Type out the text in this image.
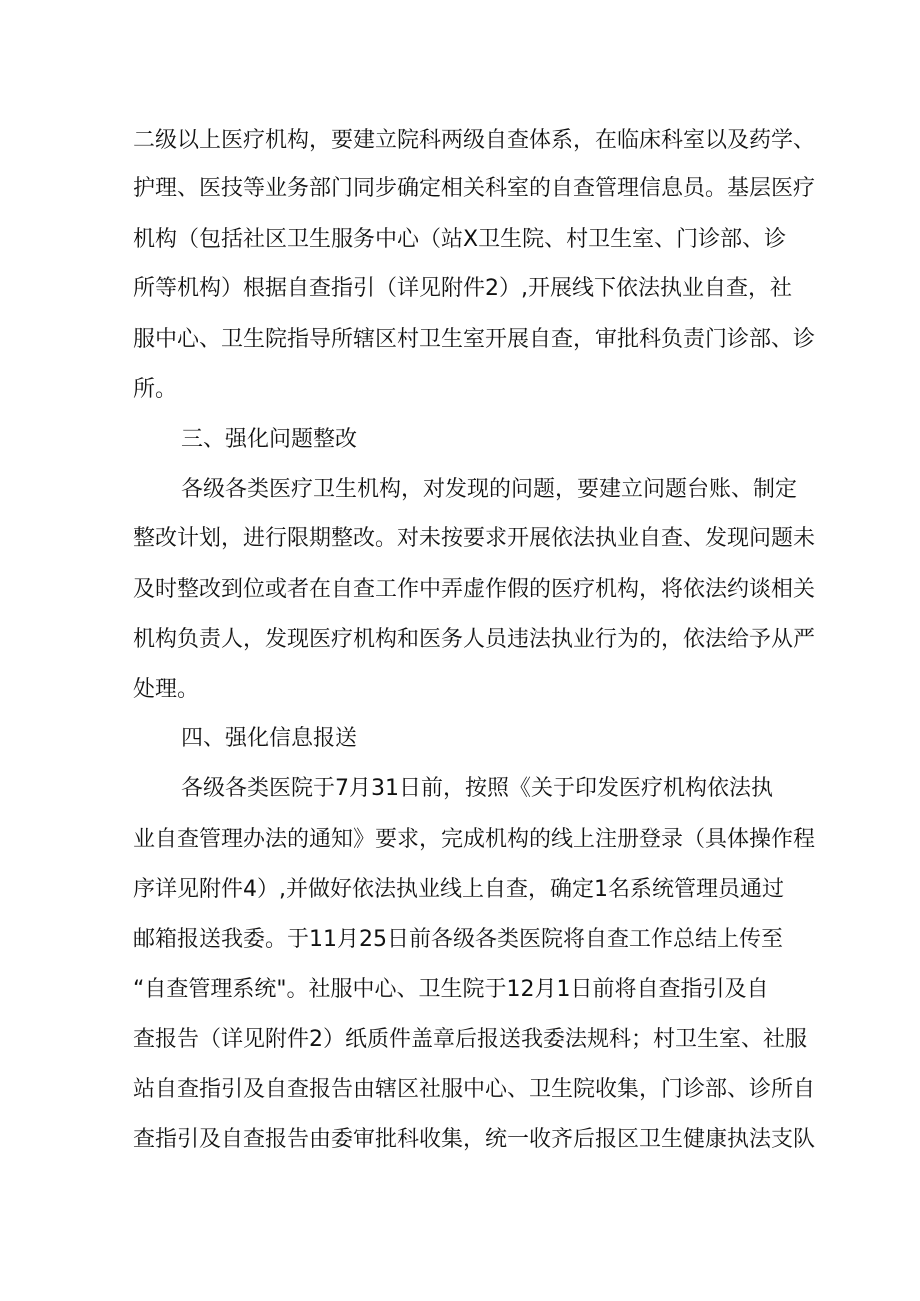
二级以上医疗机构，要建立院科两级自查体系，在临床科室以及药学、
护理、医技等业务部门同步确定相关科室的自查管理信息员。基层医疗
机构（包括社区卫生服务中心（站X卫生院、村卫生室、门诊部、诊
所等机构）根据自查指引（详见附件2）,开展线下依法执业自查，社
服中心、卫生院指导所辖区村卫生室开展自查，审批科负责门诊部、诊
所。
三、强化问题整改
各级各类医疗卫生机构，对发现的问题，要建立问题台账、制定
整改计划，进行限期整改。对未按要求开展依法执业自查、发现问题未
及时整改到位或者在自查工作中弄虚作假的医疗机构，将依法约谈相关
机构负责人，发现医疗机构和医务人员违法执业行为的，依法给予从严
处理。
四、强化信息报送
各级各类医院于7月31日前，按照《关于印发医疗机构依法执
业自查管理办法的通知》要求，完成机构的线上注册登录（具体操作程
序详见附件4）,并做好依法执业线上自查，确定1名系统管理员通过
邮箱报送我委。于11月25日前各级各类医院将自查工作总结上传至
“自查管理系统"。社服中心、卫生院于12月1日前将自查指引及自
查报告（详见附件2）纸质件盖章后报送我委法规科；村卫生室、社服
站自查指引及自查报告由辖区社服中心、卫生院收集，门诊部、诊所自
查指引及自查报告由委审批科收集，统一收齐后报区卫生健康执法支队
